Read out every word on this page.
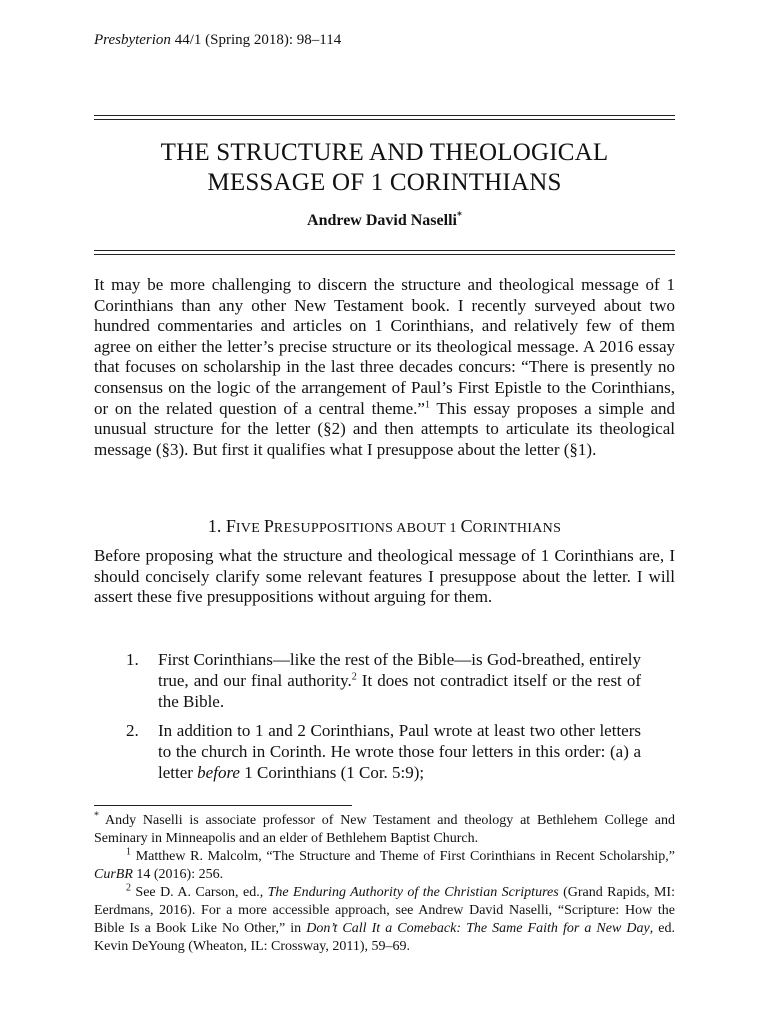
Presbyterion 44/1 (Spring 2018): 98–114
THE STRUCTURE AND THEOLOGICAL
MESSAGE OF 1 CORINTHIANS
Andrew David Naselli*

It may be more challenging to discern the structure and theological message of 1 Corinthians than any other New Testament book. I recently surveyed about two hundred commentaries and articles on 1 Corinthians, and relatively few of them agree on either the letter’s precise structure or its theological message. A 2016 essay that focuses on scholarship in the last three decades concurs: “There is presently no consensus on the logic of the arrangement of Paul’s First Epistle to the Corinthians, or on the related question of a central theme.”$^1$ This essay proposes a simple and unusual structure for the letter (§2) and then attempts to articulate its theological message (§3). But first it qualifies what I presuppose about the letter (§1).

1. FIVE PRESUPPOSITIONS ABOUT 1 CORINTHIANS

Before proposing what the structure and theological message of 1 Corinthians are, I should concisely clarify some relevant features I presuppose about the letter. I will assert these five presuppositions without arguing for them.

1. First Corinthians—like the rest of the Bible—is God-breathed, entirely true, and our final authority.$^2$ It does not contradict itself or the rest of the Bible.
2. In addition to 1 and 2 Corinthians, Paul wrote at least two other letters to the church in Corinth. He wrote those four letters in this order: (a) a letter before 1 Corinthians (1 Cor. 5:9);

* Andy Naselli is associate professor of New Testament and theology at Bethlehem College and Seminary in Minneapolis and an elder of Bethlehem Baptist Church.

$^1$ Matthew R. Malcolm, “The Structure and Theme of First Corinthians in Recent Scholarship,” CurBR 14 (2016): 256.

$^2$ See D. A. Carson, ed., The Enduring Authority of the Christian Scriptures (Grand Rapids, MI: Eerdmans, 2016). For a more accessible approach, see Andrew David Naselli, “Scripture: How the Bible Is a Book Like No Other,” in Don’t Call It a Comeback: The Same Faith for a New Day, ed. Kevin DeYoung (Wheaton, IL: Crossway, 2011), 59–69.
